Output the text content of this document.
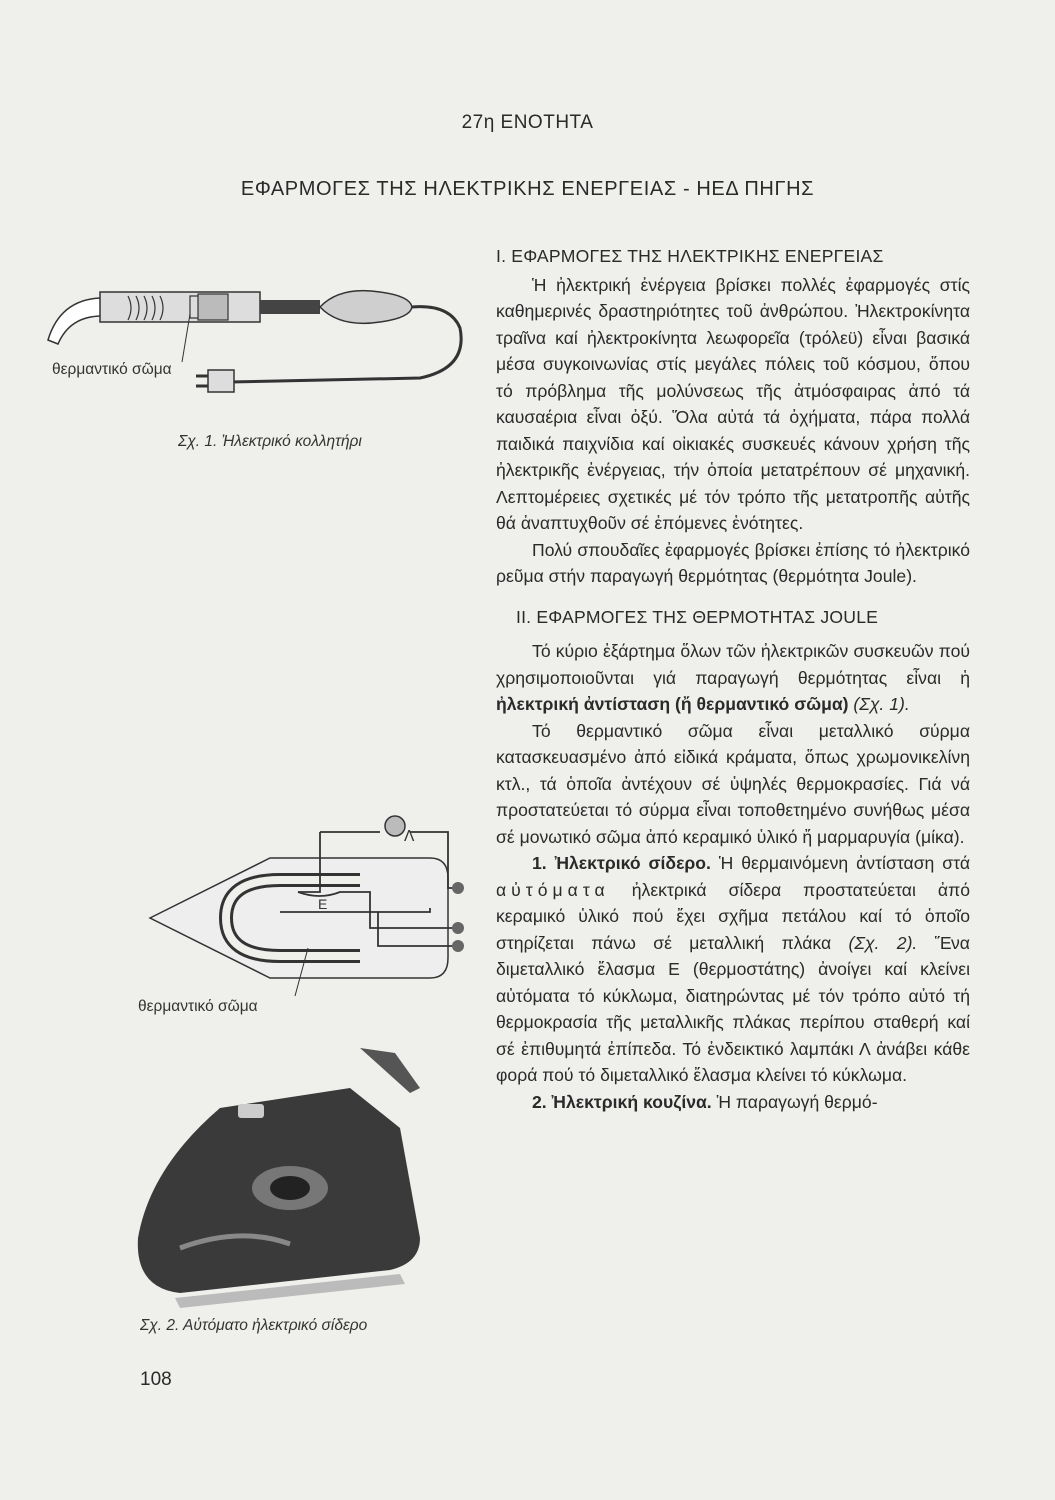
27η ΕΝΟΤΗΤΑ
ΕΦΑΡΜΟΓΕΣ ΤΗΣ ΗΛΕΚΤΡΙΚΗΣ ΕΝΕΡΓΕΙΑΣ - ΗΕΔ ΠΗΓΗΣ
θερμαντικό σῶμα
Σχ. 1. Ἠλεκτρικό κολλητήρι
Λ
Ε
θερμαντικό σῶμα
Σχ. 2. Αὐτόματο ἠλεκτρικό σίδερο

Ι. ΕΦΑΡΜΟΓΕΣ ΤΗΣ ΗΛΕΚΤΡΙΚΗΣ ΕΝΕΡΓΕΙΑΣ

Ἡ ἠλεκτρική ἐνέργεια βρίσκει πολλές ἐφαρμογές στίς καθημερινές δραστηριότητες τοῦ ἀνθρώπου. Ἠλεκτροκίνητα τραῖνα καί ἠλεκτροκίνητα λεωφορεῖα (τρόλεϋ) εἶναι βασικά μέσα συγκοινωνίας στίς μεγάλες πόλεις τοῦ κόσμου, ὅπου τό πρόβλημα τῆς μολύνσεως τῆς ἀτμόσφαιρας ἀπό τά καυσαέρια εἶναι ὀξύ. Ὅλα αὐτά τά ὀχήματα, πάρα πολλά παιδικά παιχνίδια καί οἰκιακές συσκευές κάνουν χρήση τῆς ἠλεκτρικῆς ἐνέργειας, τήν ὁποία μετατρέπουν σέ μηχανική. Λεπτομέρειες σχετικές μέ τόν τρόπο τῆς μετατροπῆς αὐτῆς θά ἀναπτυχθοῦν σέ ἑπόμενες ἑνότητες.

Πολύ σπουδαῖες ἐφαρμογές βρίσκει ἐπίσης τό ἠλεκτρικό ρεῦμα στήν παραγωγή θερμότητας (θερμότητα Joule).

ΙΙ. ΕΦΑΡΜΟΓΕΣ ΤΗΣ ΘΕΡΜΟΤΗΤΑΣ JOULE

Τό κύριο ἐξάρτημα ὅλων τῶν ἠλεκτρικῶν συσκευῶν πού χρησιμοποιοῦνται γιά παραγωγή θερμότητας εἶναι ἡ ἠλεκτρική ἀντίσταση (ἤ θερμαντικό σῶμα) (Σχ. 1).

Τό θερμαντικό σῶμα εἶναι μεταλλικό σύρμα κατασκευασμένο ἀπό εἰδικά κράματα, ὅπως χρωμονικελίνη κτλ., τά ὁποῖα ἀντέχουν σέ ὑψηλές θερμοκρασίες. Γιά νά προστατεύεται τό σύρμα εἶναι τοποθετημένο συνήθως μέσα σέ μονωτικό σῶμα ἀπό κεραμικό ὑλικό ἤ μαρμαρυγία (μίκα).

1. Ἠλεκτρικό σίδερο. Ἡ θερμαινόμενη ἀντίσταση στά αὐτόματα ἠλεκτρικά σίδερα προστατεύεται ἀπό κεραμικό ὑλικό πού ἔχει σχῆμα πετάλου καί τό ὁποῖο στηρίζεται πάνω σέ μεταλλική πλάκα (Σχ. 2). Ἕνα διμεταλλικό ἔλασμα Ε (θερμοστάτης) ἀνοίγει καί κλείνει αὐτόματα τό κύκλωμα, διατηρώντας μέ τόν τρόπο αὐτό τή θερμοκρασία τῆς μεταλλικῆς πλάκας περίπου σταθερή καί σέ ἐπιθυμητά ἐπίπεδα. Τό ἐνδεικτικό λαμπάκι Λ ἀνάβει κάθε φορά πού τό διμεταλλικό ἔλασμα κλείνει τό κύκλωμα.

2. Ἠλεκτρική κουζίνα. Ἡ παραγωγή θερμό-

108
